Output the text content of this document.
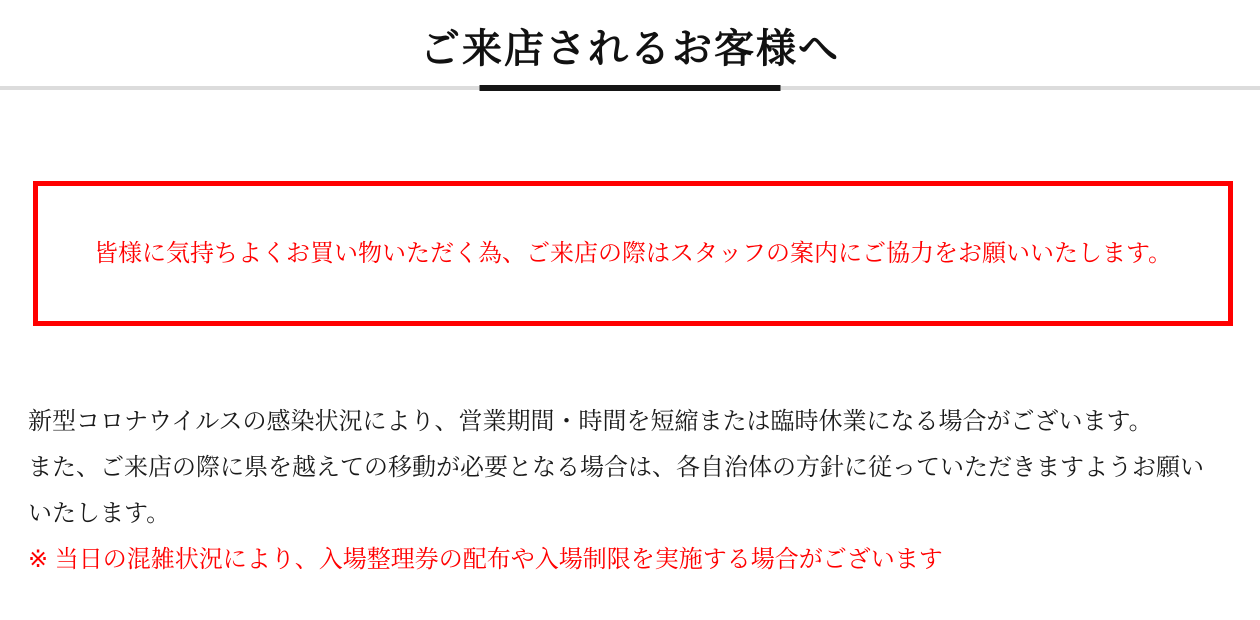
ご来店されるお客様へ

皆様に気持ちよくお買い物いただく為、ご来店の際はスタッフの案内にご協力をお願いいたします。

新型コロナウイルスの感染状況により、営業期間・時間を短縮または臨時休業になる場合がございます。

また、ご来店の際に県を越えての移動が必要となる場合は、各自治体の方針に従っていただきますようお願いいたします。

※ 当日の混雑状況により、入場整理券の配布や入場制限を実施する場合がございます
